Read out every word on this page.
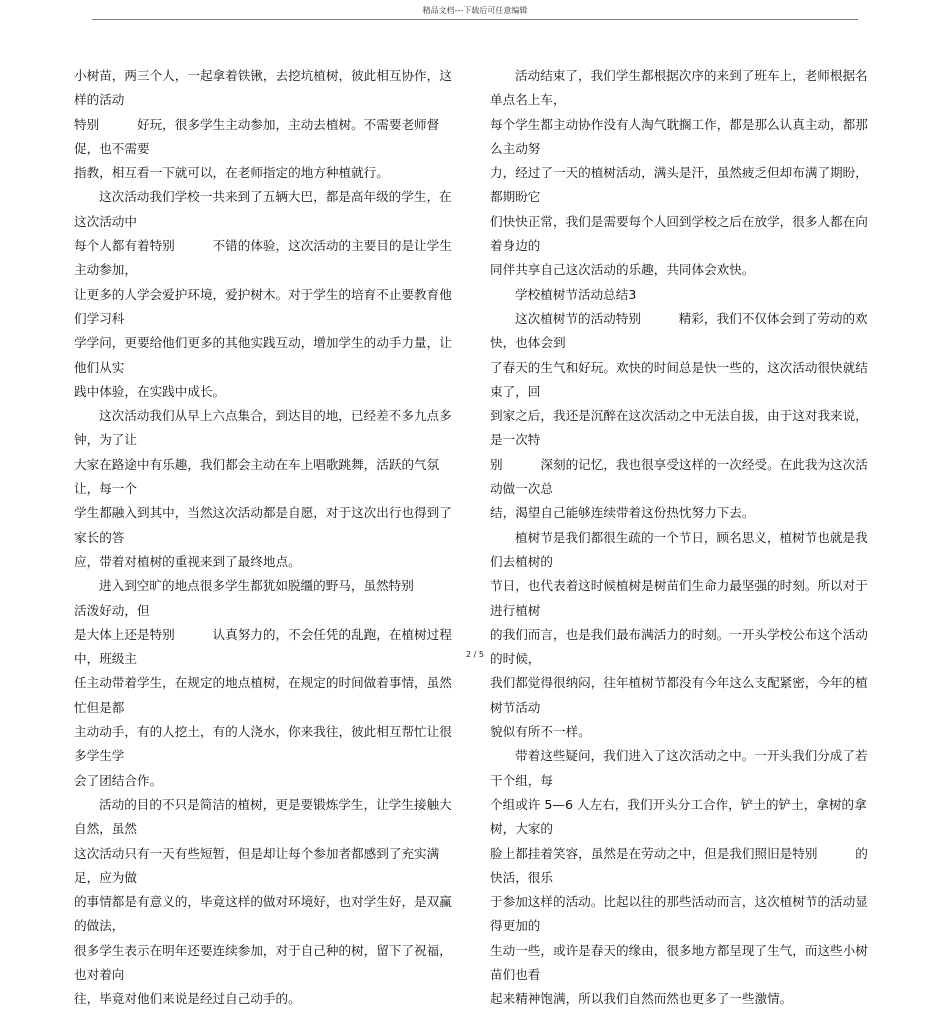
精品文档---下载后可任意编辑

小树苗，两三个人，一起拿着铁锹，去挖坑植树，彼此相互协作，这样的活动
特别　　　好玩，很多学生主动参加，主动去植树。不需要老师督促，也不需要
指教，相互看一下就可以，在老师指定的地方种植就行。

这次活动我们学校一共来到了五辆大巴，都是高年级的学生，在这次活动中
每个人都有着特别　　　不错的体验，这次活动的主要目的是让学生主动参加，
让更多的人学会爱护环境，爱护树木。对于学生的培育不止要教育他们学习科
学学问，更要给他们更多的其他实践互动，增加学生的动手力量，让他们从实
践中体验，在实践中成长。

这次活动我们从早上六点集合，到达目的地，已经差不多九点多钟，为了让
大家在路途中有乐趣，我们都会主动在车上唱歌跳舞，活跃的气氛让，每一个
学生都融入到其中，当然这次活动都是自愿，对于这次出行也得到了家长的答
应，带着对植树的重视来到了最终地点。

进入到空旷的地点很多学生都犹如脱缰的野马，虽然特别　　　活泼好动，但
是大体上还是特别　　　认真努力的，不会任凭的乱跑，在植树过程中，班级主
任主动带着学生，在规定的地点植树，在规定的时间做着事情，虽然忙但是都
主动动手，有的人挖土，有的人浇水，你来我往，彼此相互帮忙让很多学生学
会了团结合作。

活动的目的不只是简洁的植树，更是要锻炼学生，让学生接触大自然，虽然
这次活动只有一天有些短暂，但是却让每个参加者都感到了充实满足，应为做
的事情都是有意义的，毕竟这样的做对环境好，也对学生好，是双赢的做法，
很多学生表示在明年还要连续参加，对于自己种的树，留下了祝福，也对着向
往，毕竟对他们来说是经过自己动手的。

活动结束了，我们学生都根据次序的来到了班车上，老师根据名单点名上车，
每个学生都主动协作没有人淘气耽搁工作，都是那么认真主动，都那么主动努
力，经过了一天的植树活动，满头是汗，虽然疲乏但却布满了期盼，都期盼它
们快快正常，我们是需要每个人回到学校之后在放学，很多人都在向着身边的
同伴共享自己这次活动的乐趣，共同体会欢快。

学校植树节活动总结3

这次植树节的活动特别　　　精彩，我们不仅体会到了劳动的欢快，也体会到
了春天的生气和好玩。欢快的时间总是快一些的，这次活动很快就结束了，回
到家之后，我还是沉醉在这次活动之中无法自拔，由于这对我来说，是一次特
别　　　深刻的记忆，我也很享受这样的一次经受。在此我为这次活动做一次总
结，渴望自己能够连续带着这份热忱努力下去。

植树节是我们都很生疏的一个节日，顾名思义，植树节也就是我们去植树的
节日，也代表着这时候植树是树苗们生命力最坚强的时刻。所以对于进行植树
的我们而言，也是我们最布满活力的时刻。一开头学校公布这个活动的时候，
我们都觉得很纳闷，往年植树节都没有今年这么支配紧密，今年的植树节活动
貌似有所不一样。

带着这些疑问，我们进入了这次活动之中。一开头我们分成了若干个组，每
个组或许 5—6 人左右，我们开头分工合作，铲土的铲土，拿树的拿树，大家的
脸上都挂着笑容，虽然是在劳动之中，但是我们照旧是特别　　　的快活，很乐
于参加这样的活动。比起以往的那些活动而言，这次植树节的活动显得更加的
生动一些，或许是春天的缘由，很多地方都呈现了生气，而这些小树苗们也看
起来精神饱满，所以我们自然而然也更多了一些激情。

2 / 5
